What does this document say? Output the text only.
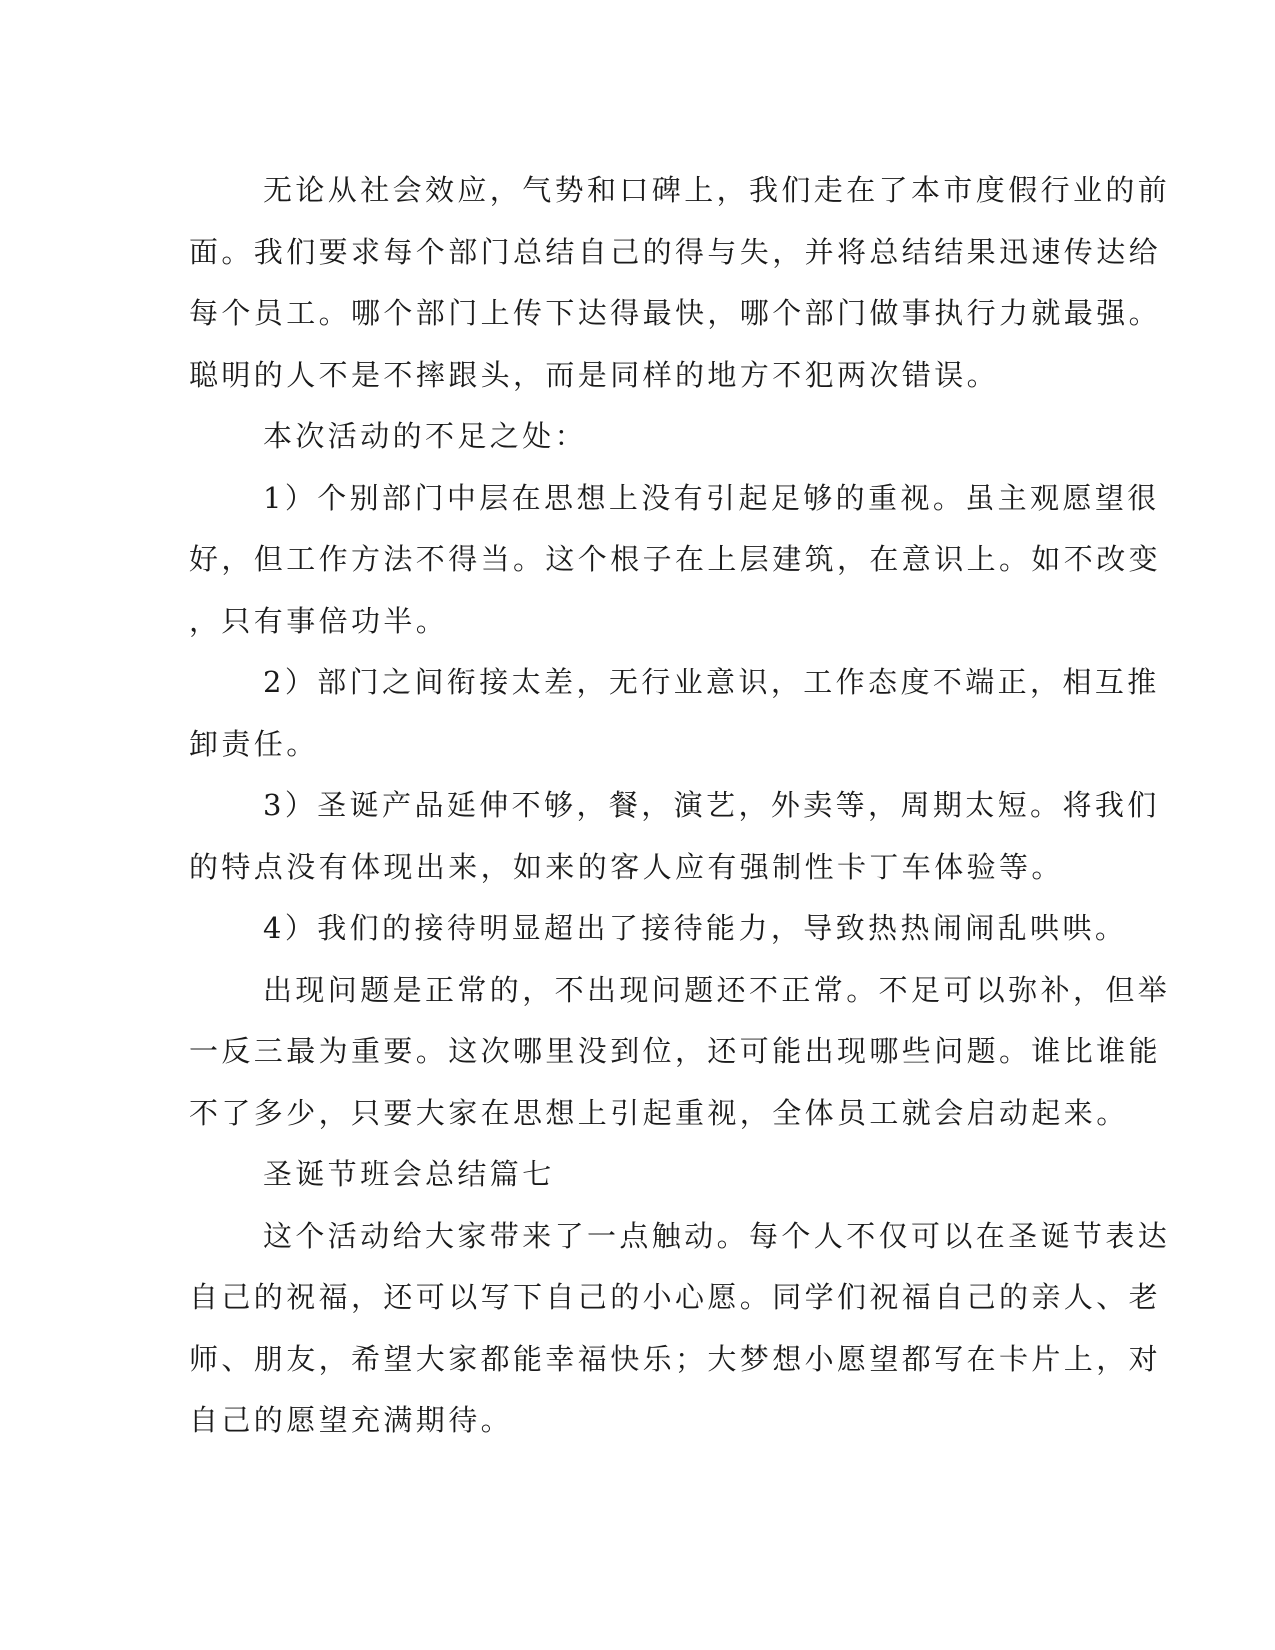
无论从社会效应，气势和口碑上，我们走在了本市度假行业的前
面。我们要求每个部门总结自己的得与失，并将总结结果迅速传达给
每个员工。哪个部门上传下达得最快，哪个部门做事执行力就最强。
聪明的人不是不摔跟头，而是同样的地方不犯两次错误。
本次活动的不足之处：
1）个别部门中层在思想上没有引起足够的重视。虽主观愿望很
好，但工作方法不得当。这个根子在上层建筑，在意识上。如不改变
，只有事倍功半。
2）部门之间衔接太差，无行业意识，工作态度不端正，相互推
卸责任。
3）圣诞产品延伸不够，餐，演艺，外卖等，周期太短。将我们
的特点没有体现出来，如来的客人应有强制性卡丁车体验等。
4）我们的接待明显超出了接待能力，导致热热闹闹乱哄哄。
出现问题是正常的，不出现问题还不正常。不足可以弥补，但举
一反三最为重要。这次哪里没到位，还可能出现哪些问题。谁比谁能
不了多少，只要大家在思想上引起重视，全体员工就会启动起来。
圣诞节班会总结篇七
这个活动给大家带来了一点触动。每个人不仅可以在圣诞节表达
自己的祝福，还可以写下自己的小心愿。同学们祝福自己的亲人、老
师、朋友，希望大家都能幸福快乐；大梦想小愿望都写在卡片上，对
自己的愿望充满期待。
